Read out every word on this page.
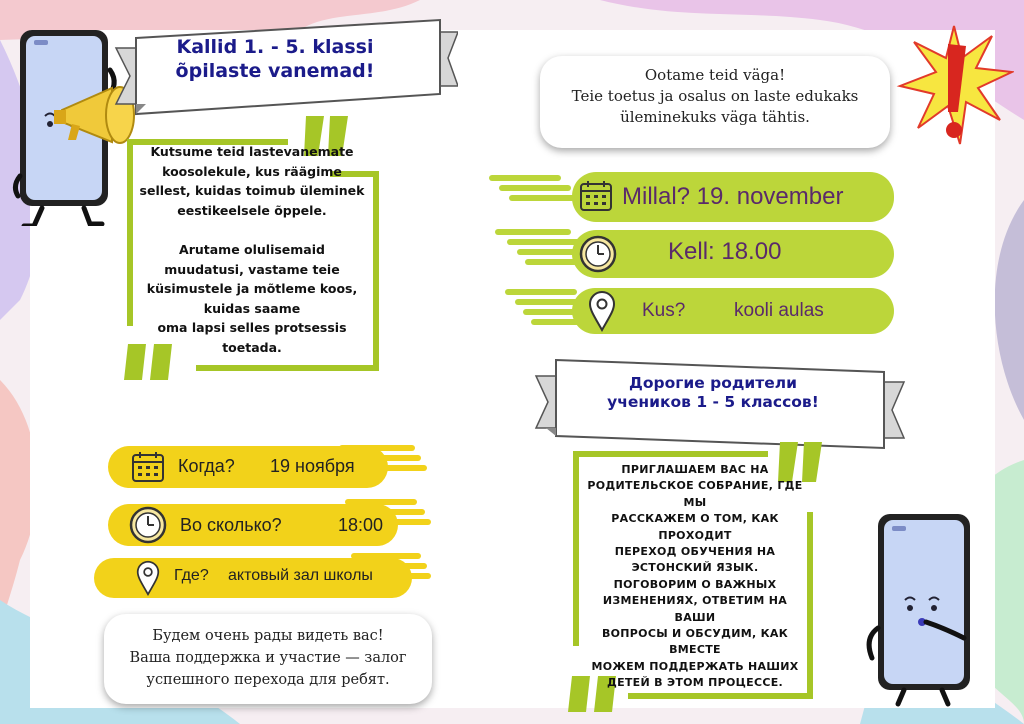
Kallid 1. - 5. klassi
õpilaste vanemad!
Kutsume teid lastevanemate
koosolekule, kus räägime
sellest, kuidas toimub üleminek
eestikeelsele õppele.
Arutame olulisemaid
muudatusi, vastame teie
küsimustele ja mõtleme koos,
kuidas saame
oma lapsi selles protsessis
toetada.
Ootame teid väga!
Teie toetus ja osalus on laste edukaks
üleminekuks väga tähtis.
Millal? 19. november
Kell: 18.00
Kus?	kooli aulas
Дорогие родители
учеников 1 - 5 классов!
ПРИГЛАШАЕМ ВАС НА
РОДИТЕЛЬСКОЕ СОБРАНИЕ, ГДЕ МЫ
РАССКАЖЕМ О ТОМ, КАК
ПРОХОДИТ
ПЕРЕХОД ОБУЧЕНИЯ НА
ЭСТОНСКИЙ ЯЗЫК.
ПОГОВОРИМ О ВАЖНЫХ
ИЗМЕНЕНИЯХ, ОТВЕТИМ НА ВАШИ
ВОПРОСЫ И ОБСУДИМ, КАК
ВМЕСТЕ
МОЖЕМ ПОДДЕРЖАТЬ НАШИХ
ДЕТЕЙ В ЭТОМ ПРОЦЕССЕ.
Когда? 19 ноября
Во сколько?	18:00
Где? актовый зал школы
Будем очень рады видеть вас!
Ваша поддержка и участие — залог
успешного перехода для ребят.
